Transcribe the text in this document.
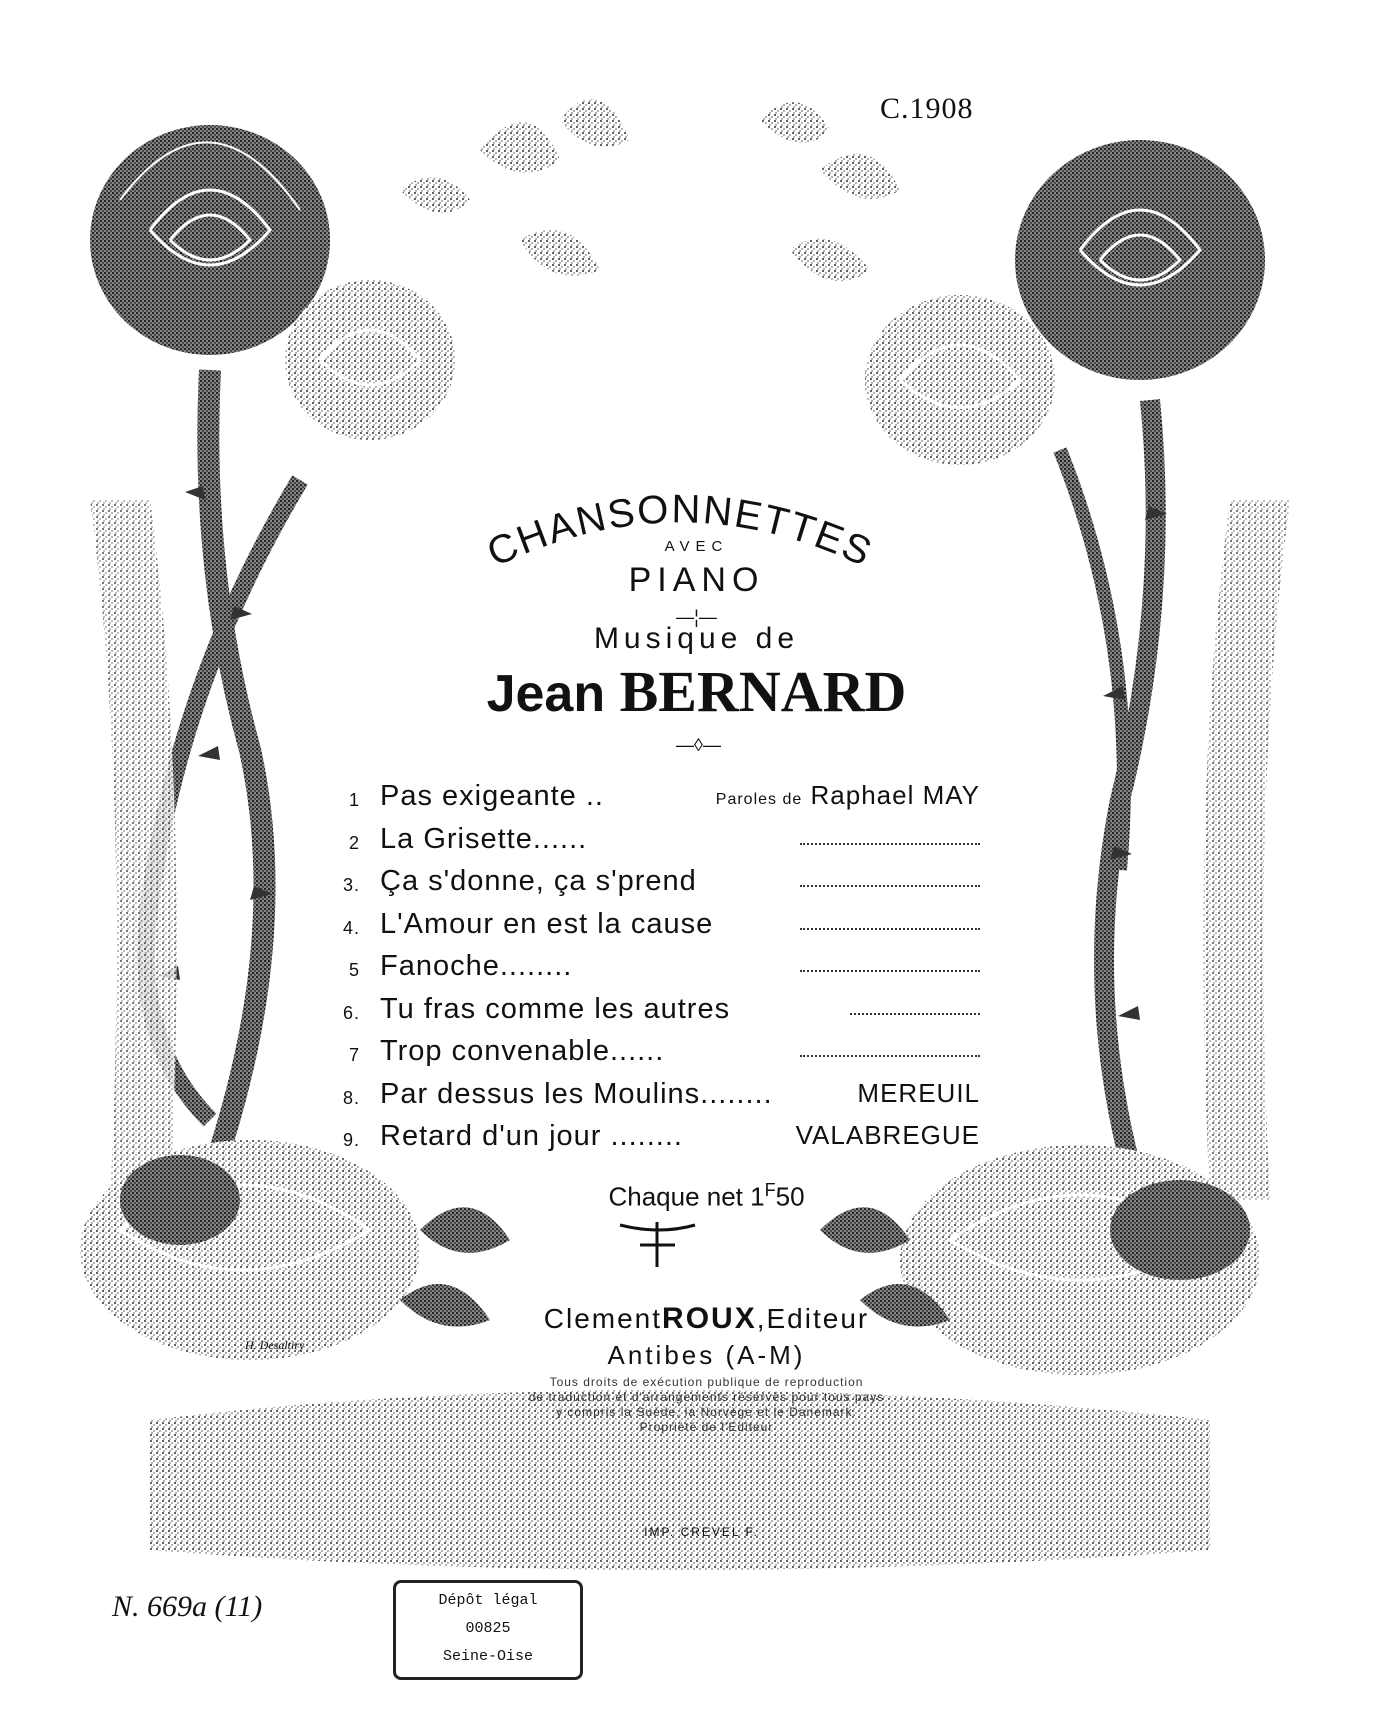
C.1908
CHANSONNETTES
AVEC
PIANO
—¦—
Musique de
Jean BERNARD
—◊—
1 Pas exigeante ..	Paroles de Raphael MAY
2 La Grisette......
3. Ça s'donne, ça s'prend
4. L'Amour en est la cause
5 Fanoche........
6. Tu fras comme les autres
7 Trop convenable......
8. Par dessus les Moulins........	MEREUIL
9. Retard d'un jour ........	VALABREGUE
Chaque net $1^F50$
ClementROUX,Editeur
Antibes (A-M)
Tous droits de exécution publique de reproduction
de traduction et d'arrangements réservés pour tous pays
y compris la Suède, la Norvège et le Danemark.
Propriété de l'Editeur
H. Desaltiry
IMP. CREVEL F.
N. 669a (11)	Dépôt légal
00825
Seine-Oise
